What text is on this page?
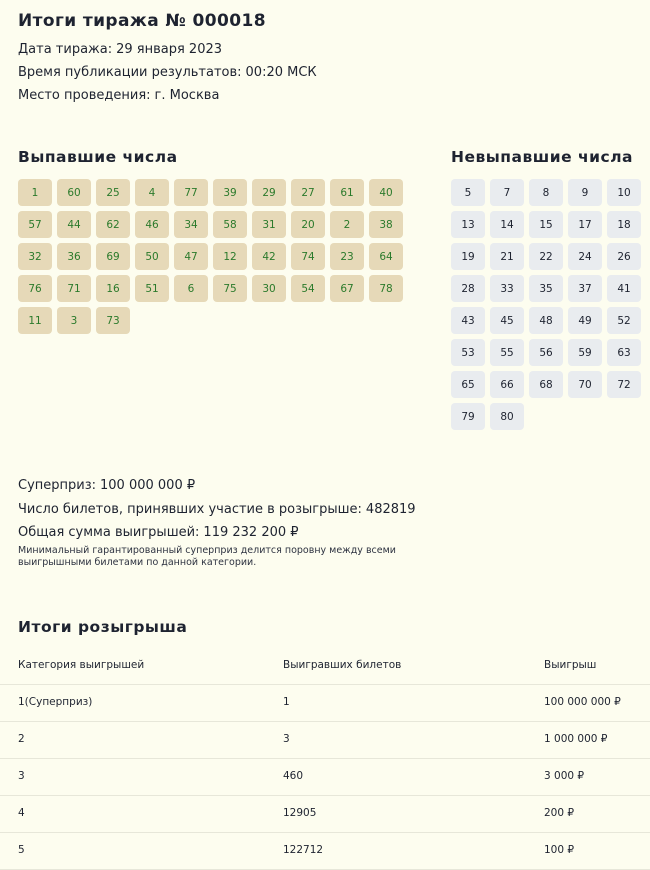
Итоги тиража № 000018
Дата тиража: 29 января 2023
Время публикации результатов: 00:20 МСК
Место проведения: г. Москва
Выпавшие числа
1	60	25	4	77	39	29	27	61	40
57	44	62	46	34	58	31	20	2	38
32	36	69	50	47	12	42	74	23	64
76	71	16	51	6	75	30	54	67	78
11	3	73
Невыпавшие числа
5	7	8	9	10
13	14	15	17	18
19	21	22	24	26
28	33	35	37	41
43	45	48	49	52
53	55	56	59	63
65	66	68	70	72
79	80
Суперприз: 100 000 000 ₽
Число билетов, принявших участие в розыгрыше: 482819
Общая сумма выигрышей: 119 232 200 ₽

Минимальный гарантированный суперприз делится поровну между всеми выигрышными билетами по данной категории.

Итоги розыгрыша
Категория выигрышей	Выигравших билетов	Выигрыш
1(Суперприз)	1	100 000 000 ₽
2	3	1 000 000 ₽
3	460	3 000 ₽
4	12905	200 ₽
5	122712	100 ₽
